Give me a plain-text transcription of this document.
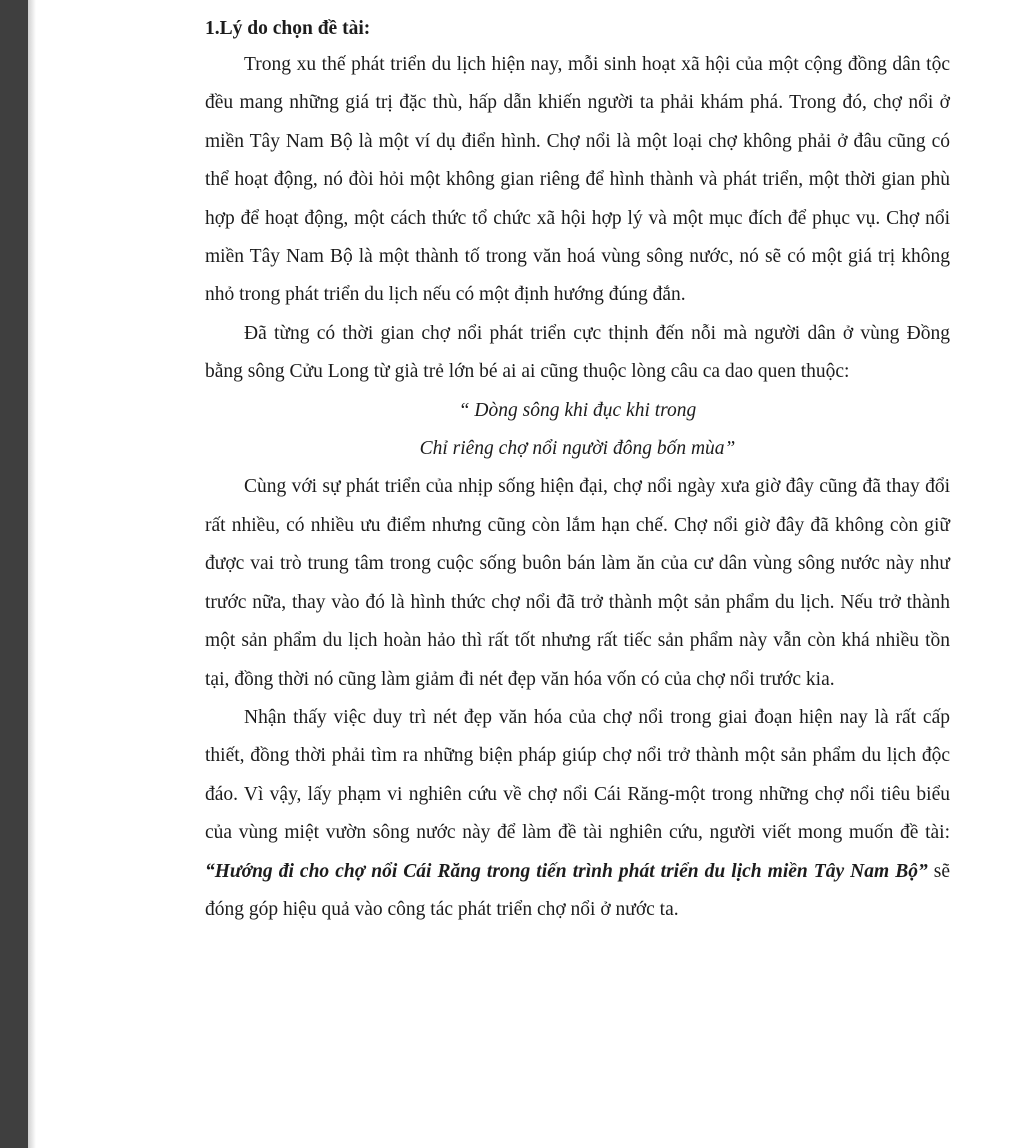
1.Lý do chọn đề tài:

Trong xu thế phát triển du lịch hiện nay, mỗi sinh hoạt xã hội của một cộng đồng dân tộc đều mang những giá trị đặc thù, hấp dẫn khiến người ta phải khám phá. Trong đó, chợ nổi ở miền Tây Nam Bộ là một ví dụ điển hình. Chợ nổi là một loại chợ không phải ở đâu cũng có thể hoạt động, nó đòi hỏi một không gian riêng để hình thành và phát triển, một thời gian phù hợp để hoạt động, một cách thức tổ chức xã hội hợp lý và một mục đích để phục vụ. Chợ nổi miền Tây Nam Bộ là một thành tố trong văn hoá vùng sông nước, nó sẽ có một giá trị không nhỏ trong phát triển du lịch nếu có một định hướng đúng đắn.

Đã từng có thời gian chợ nổi phát triển cực thịnh đến nỗi mà người dân ở vùng Đồng bằng sông Cửu Long từ già trẻ lớn bé ai ai cũng thuộc lòng câu ca dao quen thuộc:

“ Dòng sông khi đục khi trong
Chỉ riêng chợ nổi người đông bốn mùa”

Cùng với sự phát triển của nhịp sống hiện đại, chợ nổi ngày xưa giờ đây cũng đã thay đổi rất nhiều, có nhiều ưu điểm nhưng cũng còn lắm hạn chế. Chợ nổi giờ đây đã không còn giữ được vai trò trung tâm trong cuộc sống buôn bán làm ăn của cư dân vùng sông nước này như trước nữa, thay vào đó là hình thức chợ nổi đã trở thành một sản phẩm du lịch. Nếu trở thành một sản phẩm du lịch hoàn hảo thì rất tốt nhưng rất tiếc sản phẩm này vẫn còn khá nhiều tồn tại, đồng thời nó cũng làm giảm đi nét đẹp văn hóa vốn có của chợ nổi trước kia.

Nhận thấy việc duy trì nét đẹp văn hóa của chợ nổi trong giai đoạn hiện nay là rất cấp thiết, đồng thời phải tìm ra những biện pháp giúp chợ nổi trở thành một sản phẩm du lịch độc đáo. Vì vậy, lấy phạm vi nghiên cứu về chợ nổi Cái Răng-một trong những chợ nổi tiêu biểu của vùng miệt vườn sông nước này để làm đề tài nghiên cứu, người viết mong muốn đề tài: “Hướng đi cho chợ nổi Cái Răng trong tiến trình phát triển du lịch miền Tây Nam Bộ” sẽ đóng góp hiệu quả vào công tác phát triển chợ nổi ở nước ta.
